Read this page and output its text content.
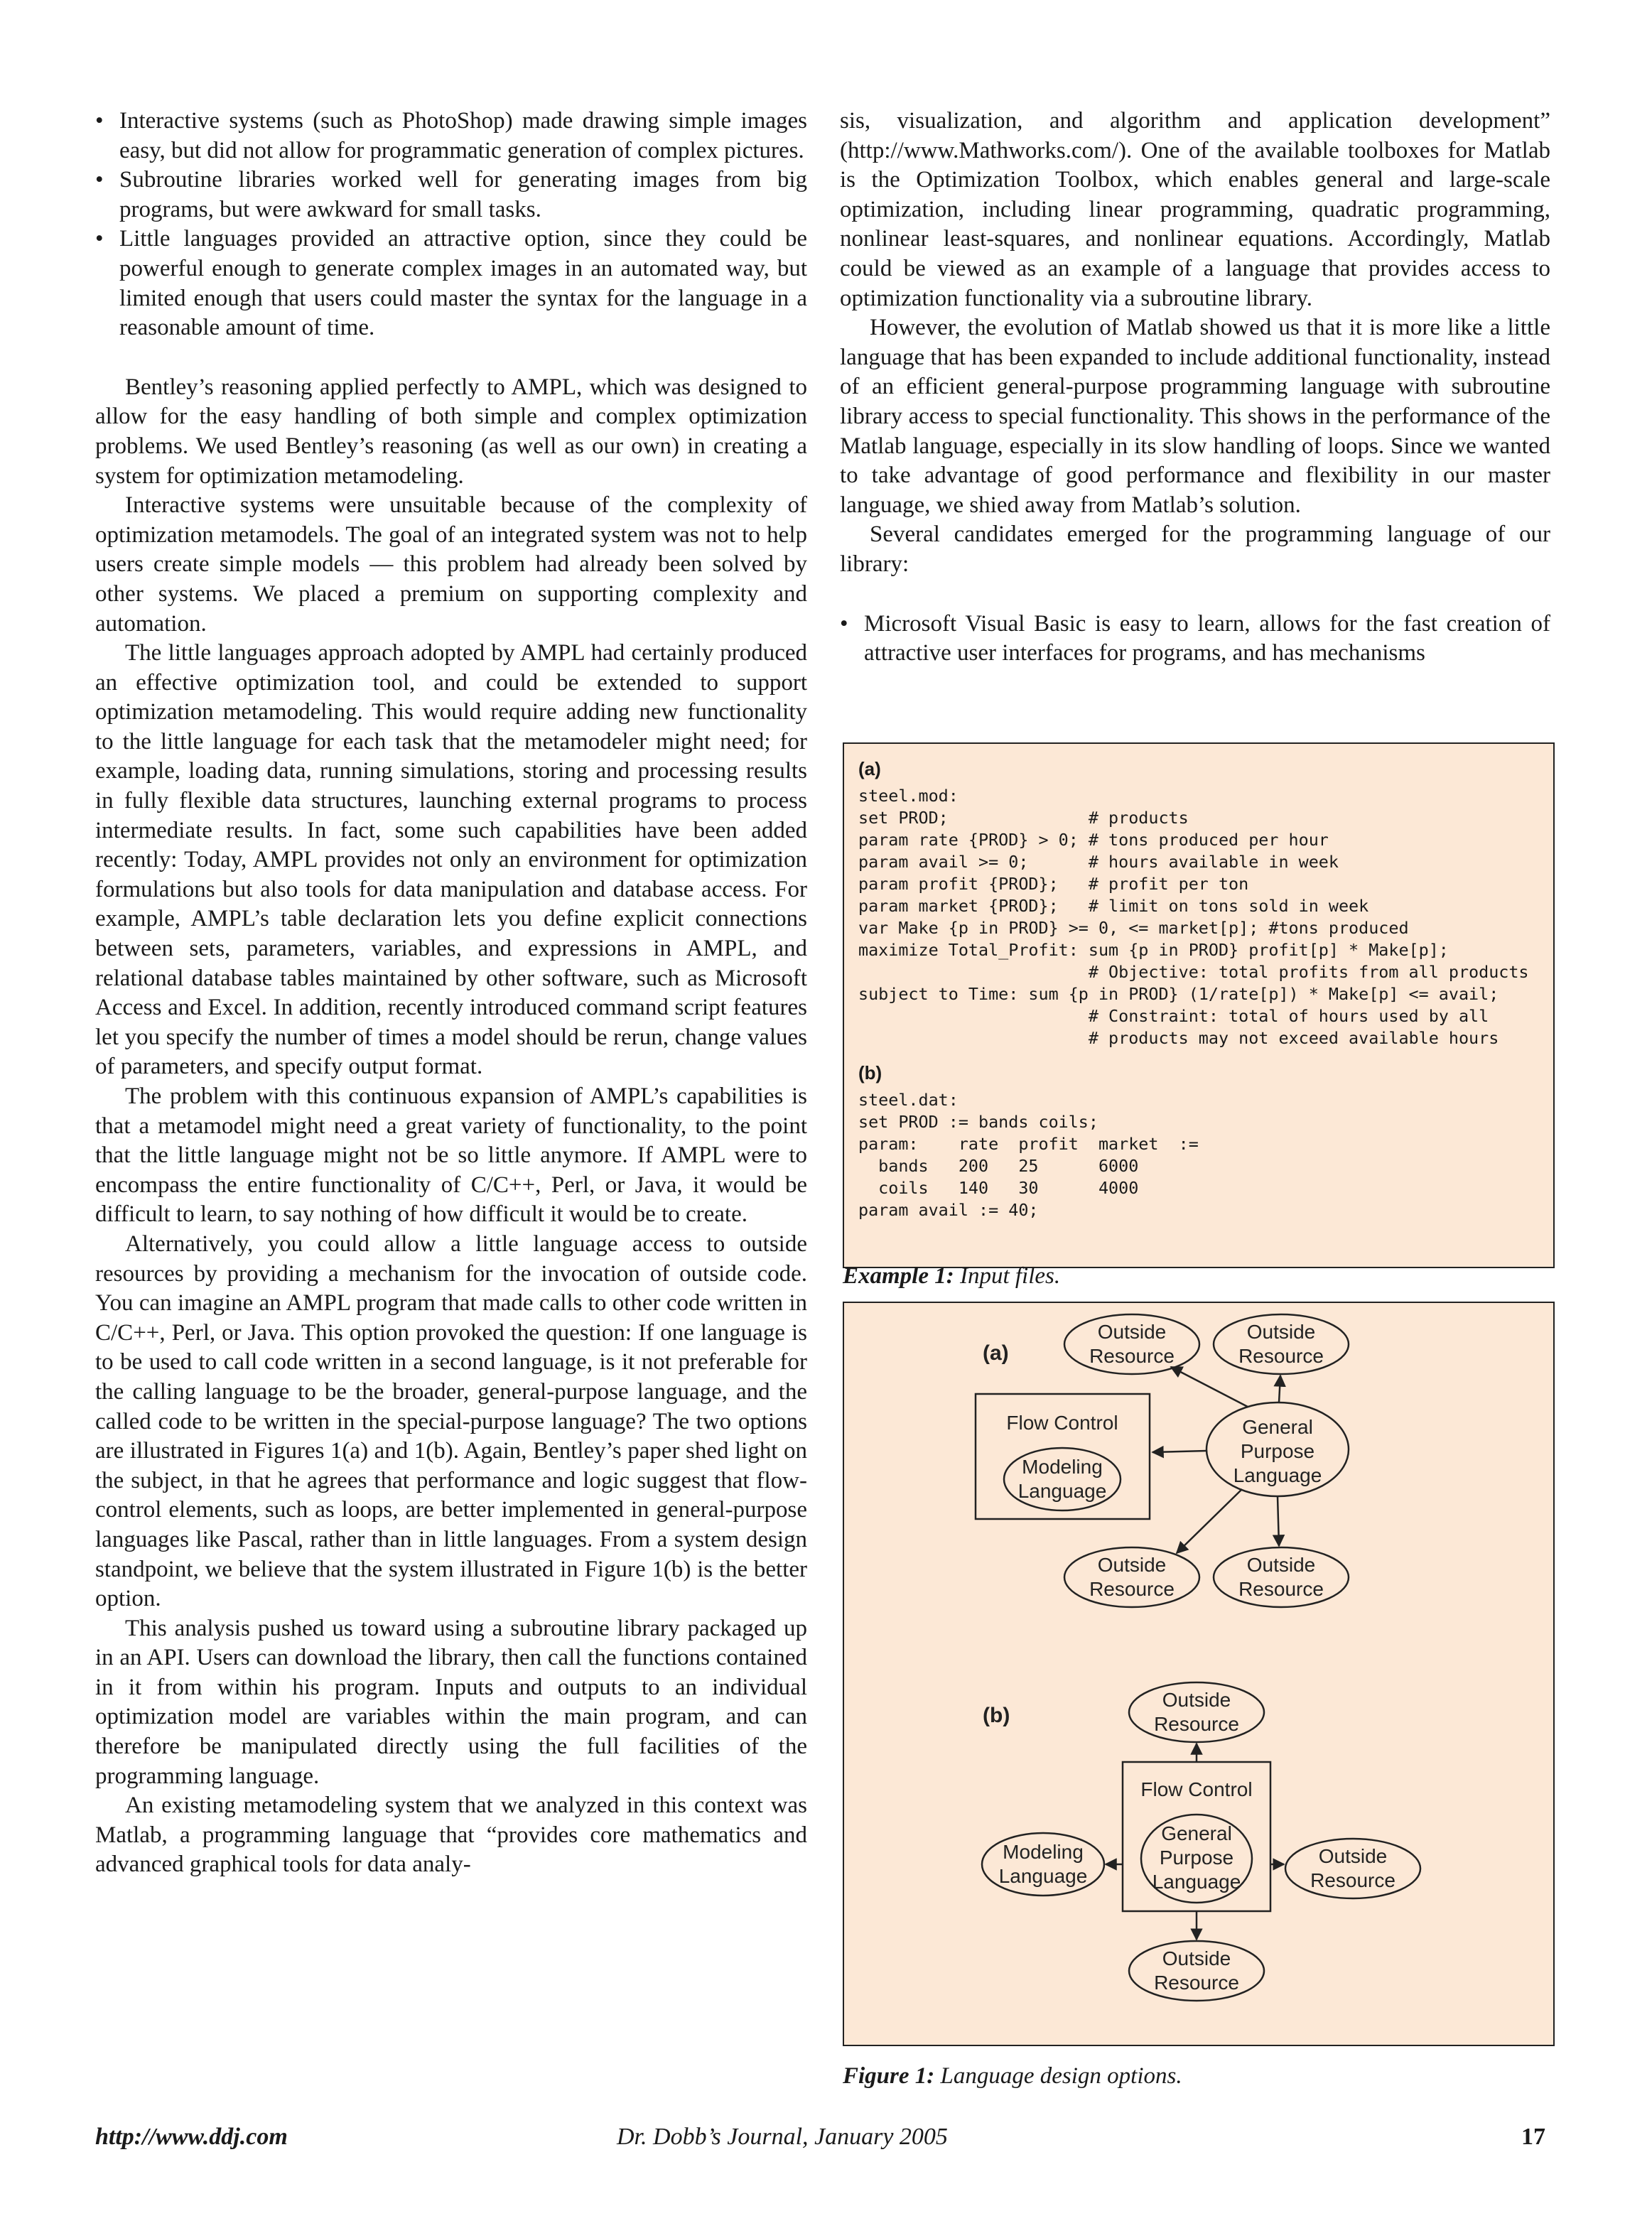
• Interactive systems (such as PhotoShop) made drawing simple images easy, but did not allow for programmatic generation of complex pictures.
• Subroutine libraries worked well for generating images from big programs, but were awkward for small tasks.
• Little languages provided an attractive option, since they could be powerful enough to generate complex images in an automated way, but limited enough that users could master the syntax for the language in a reasonable amount of time.

Bentley’s reasoning applied perfectly to AMPL, which was designed to allow for the easy handling of both simple and complex optimization problems. We used Bentley’s reasoning (as well as our own) in creating a system for optimization metamodeling.

Interactive systems were unsuitable because of the complexity of optimization metamodels. The goal of an integrated system was not to help users create simple models — this problem had already been solved by other systems. We placed a premium on supporting complexity and automation.

The little languages approach adopted by AMPL had certainly produced an effective optimization tool, and could be extended to support optimization metamodeling. This would require adding new functionality to the little language for each task that the metamodeler might need; for example, loading data, running simulations, storing and processing results in fully flexible data structures, launching external programs to process intermediate results. In fact, some such capabilities have been added recently: Today, AMPL provides not only an environment for optimization formulations but also tools for data manipulation and database access. For example, AMPL’s table declaration lets you define explicit connections between sets, parameters, variables, and expressions in AMPL, and relational database tables maintained by other software, such as Microsoft Access and Excel. In addition, recently introduced command script features let you specify the number of times a model should be rerun, change values of parameters, and specify output format.

The problem with this continuous expansion of AMPL’s capabilities is that a metamodel might need a great variety of functionality, to the point that the little language might not be so little anymore. If AMPL were to encompass the entire functionality of C/C++, Perl, or Java, it would be difficult to learn, to say nothing of how difficult it would be to create.

Alternatively, you could allow a little language access to outside resources by providing a mechanism for the invocation of outside code. You can imagine an AMPL program that made calls to other code written in C/C++, Perl, or Java. This option provoked the question: If one language is to be used to call code written in a second language, is it not preferable for the calling language to be the broader, general-purpose language, and the called code to be written in the special-purpose language? The two options are illustrated in Figures 1(a) and 1(b). Again, Bentley’s paper shed light on the subject, in that he agrees that performance and logic suggest that flow-control elements, such as loops, are better implemented in general-purpose languages like Pascal, rather than in little languages. From a system design standpoint, we believe that the system illustrated in Figure 1(b) is the better option.

This analysis pushed us toward using a subroutine library packaged up in an API. Users can download the library, then call the functions contained in it from within his program. Inputs and outputs to an individual optimization model are variables within the main program, and can therefore be manipulated directly using the full facilities of the programming language.

An existing metamodeling system that we analyzed in this context was Matlab, a programming language that “provides core mathematics and advanced graphical tools for data analy-

sis, visualization, and algorithm and application development” (http://www.Mathworks.com/). One of the available toolboxes for Matlab is the Optimization Toolbox, which enables general and large-scale optimization, including linear programming, quadratic programming, nonlinear least-squares, and nonlinear equations. Accordingly, Matlab could be viewed as an example of a language that provides access to optimization functionality via a subroutine library.

However, the evolution of Matlab showed us that it is more like a little language that has been expanded to include additional functionality, instead of an efficient general-purpose programming language with subroutine library access to special functionality. This shows in the performance of the Matlab language, especially in its slow handling of loops. Since we wanted to take advantage of good performance and flexibility in our master language, we shied away from Matlab’s solution.

Several candidates emerged for the programming language of our library:

• Microsoft Visual Basic is easy to learn, allows for the fast creation of attractive user interfaces for programs, and has mechanisms
(a)
steel.mod:
set PROD;              # products
param rate {PROD} > 0; # tons produced per hour
param avail >= 0;      # hours available in week
param profit {PROD};   # profit per ton
param market {PROD};   # limit on tons sold in week
var Make {p in PROD} >= 0, <= market[p]; #tons produced
maximize Total_Profit: sum {p in PROD} profit[p] * Make[p];
# Objective: total profits from all products
subject to Time: sum {p in PROD} (1/rate[p]) * Make[p] <= avail;
# Constraint: total of hours used by all
# products may not exceed available hours
(b)
steel.dat:
set PROD := bands coils;
param:    rate  profit  market  :=
bands   200   25      6000
coils   140   30      4000
param avail := 40;
Example 1: Input files.
(a)
Outside
Resource
Outside
Resource
Flow Control
Modeling
Language
General
Purpose
Language
Outside
Resource
Outside
Resource
(b)
Outside
Resource
Flow Control
General
Purpose
Language
Modeling
Language
Outside
Resource
Outside
Resource
Figure 1: Language design options.
http://www.ddj.com	Dr. Dobb’s Journal, January 2005	17
